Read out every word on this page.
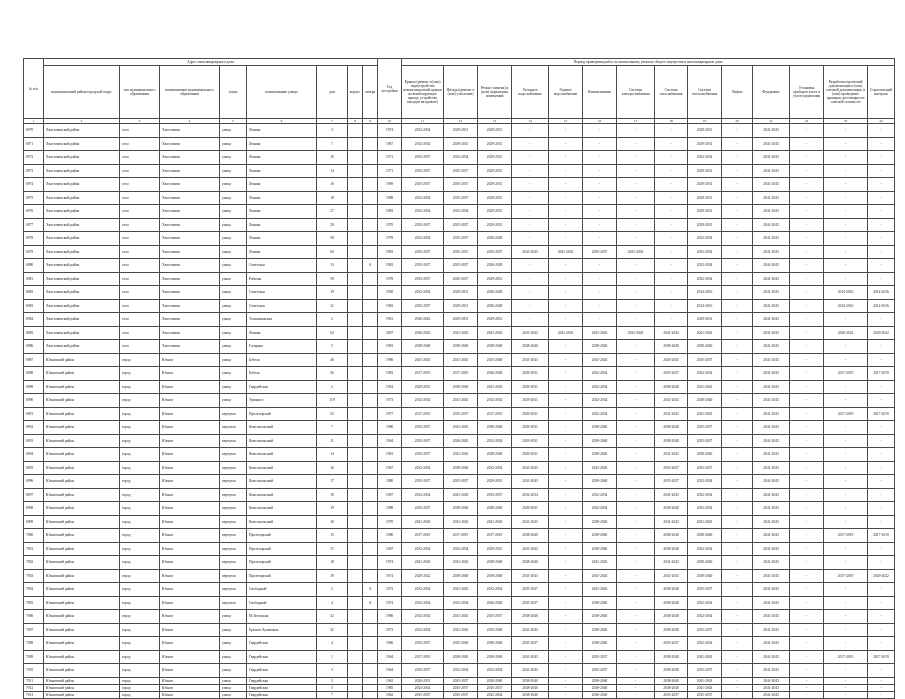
№ п/п	Адрес многоквартирного дома								Год постройки	Период проведения работ по капитальному ремонту общего имущества в многоквартирном доме													
	муниципальный район/городской округ	тип муниципального образования	наименование муниципального образования	улица	наименование улицы	дом	корпус	литера		Крыша (ремонт и (или) переустройство невентилируемой крыши на вентилируемую крышу, устройство выходов на кровлю)	Фасады (ремонт и (или) утепление)	Ремонт (замена) и (или) подвальных помещений	Холодное водоснабжение	Горячее водоснабжение	Канализование	Система электроснабжения	Система газоснабжения	Система теплоснабжения	Лифты	Фундамент	Установка приборов учета и узлов управления	Разработка проектной документации и (или) сметной документации, и (или) проведение проверки достоверности сметной стоимости	Строительный контроль
1	2	3	4	5	6	7	8	9	10	11	12	13	14	15	16	17	18	19	20	21	22	23	24
6970	Хвастовичский район	село	Хвастовичи	улица	Ленина	3			1974	2032-2034	2029-2031	2029-2031	-	-	-	-	-	2029-2031	-	2041-2043	-	-	-
6971	Хвастовичский район	село	Хвастовичи	улица	Ленина	7			1967	2032-2034	2029-2031	2029-2031	-	-	-	-	-	2029-2031	-	2041-2043	-	-	-
6972	Хвастовичский район	село	Хвастовичи	улица	Ленина	10			1971	2035-2037	2032-2034	2029-2031	-	-	-	-	-	2032-2034	-	2041-2043	-	-	-
6973	Хвастовичский район	село	Хвастовичи	улица	Ленина	14			1971	2035-2037	2035-2037	2029-2031	-	-	-	-	-	2029-2031	-	2041-2043	-	-	-
6974	Хвастовичский район	село	Хвастовичи	улица	Ленина	16			1969	2035-2037	2035-2037	2029-2031	-	-	-	-	-	2029-2031	-	2041-2043	-	-	-
6975	Хвастовичский район	село	Хвастовичи	улица	Ленина	18			1988	2032-2034	2035-2037	2029-2031	-	-	-	-	-	2029-2031	-	2041-2043	-	-	-
6976	Хвастовичский район	село	Хвастовичи	улица	Ленина	27			1983	2032-2034	2032-2034	2029-2031	-	-	-	-	-	2029-2031	-	2041-2043	-	-	-
6977	Хвастовичский район	село	Хвастовичи	улица	Ленина	29			1970	2035-2037	2035-2037	2029-2031	-	-	-	-	-	2029-2031	-	2041-2043	-	-	-
6978	Хвастовичский район	село	Хвастовичи	улица	Ленина	58			1978	2032-2034	2035-2037	2026-2028	-	-	-	-	-	2032-2034	-	2041-2043	-	-	-
6979	Хвастовичский район	село	Хвастовичи	улица	Ленина	60			1993	2035-2037	2035-2037	2035-2037	2041-2043	2041-2043	2035-2037	2041-2043	-	2032-2034	-	2041-2043	-	-	-
6980	Хвастовичский район	село	Хвастовичи	улица	Советская	13		А	1982	2035-2037	2035-2037	2026-2028	-	-	-	-	-	2032-2034	-	2041-2043	-	-	-
6981	Хвастовичский район	село	Хвастовичи	улица	Рабочая	59			1978	2035-2037	2035-2037	2029-2031	-	-	-	-	-	2032-2034	-	2041-2043	-	-	-
6982	Хвастовичский район	село	Хвастовичи	улица	Советская	19			1950	2032-2034	2029-2031	2026-2028	-	-	-	-	-	2014-2016	-	2041-2043	-	2014-2016	2014-2016
6983	Хвастовичский район	село	Хвастовичи	улица	Советская	21			1982	2035-2037	2029-2031	2026-2028	-	-	-	-	-	2014-2016	-	2041-2043	-	2014-2016	2014-2016
6984	Хвастовичский район	село	Хвастовичи	улица	Тельмановская	2			1961	2020-2022	2029-2031	2029-2031	-	-	-	-	-	2029-2031	-	2041-2043	-	-	-
6985	Хвастовичский район	село	Хвастовичи	улица	Ленина	62			2007	2020-2022	2041-2043	2041-2043	2041-2043	2041-2043	2041-2043	2041-2043	2041-2043	2041-2043	-	2041-2043	-	2020-2022	2020-2022
6986	Хвастовичский район	село	Хвастовичи	улица	Гагарина	5			1993	2038-2040	2038-2040	2038-2040	2038-2040	-	2038-2040	-	2038-2040	2038-2040	-	2041-2043	-	-	-
6987	Юхновский район	город	Юхнов	улица	Бебеля	40			1986	2041-2043	2041-2043	2035-2040	2041-2043	-	2041-2043	-	2026-2045	2035-2037	-	2041-2043	-	-	-
6988	Юхновский район	город	Юхнов	улица	Бебеля	56			1983	2017-2019	2017-2019	2026-2028	2029-2031	-	2032-2034	-	2035-2037	2032-2034	-	2041-2043	-	2017-2019	2017-2019
6989	Юхновский район	город	Юхнов	улица	Гвардейская	2			1954	2029-2031	2038-2040	2041-2043	2029-2031	-	2032-2034	-	2038-2040	2041-2043	-	2041-2043	-	-	-
6990	Юхновский район	город	Юхнов	улица	Урицкого	119			1973	2032-2034	2041-2043	2032-2034	2029-2031	-	2032-2034	-	2041-2043	2038-2040	-	2041-2043	-	-	-
6991	Юхновский район	город	Юхнов	переулок	Пролетарский	23			1977	2017-2019	2035-2037	2017-2019	2029-2031	-	2032-2034	-	2041-2043	2041-2043	-	2041-2043	-	2017-2019	2017-2019
6992	Юхновский район	город	Юхнов	переулок	Комсомольский	7			1980	2035-2037	2041-2043	2038-2040	2029-2031	-	2038-2040	-	2038-2040	2035-2037	-	2041-2043	-	-	-
6993	Юхновский район	город	Юхнов	переулок	Комсомольский	11			1964	2035-2037	2026-2043	2032-2034	2029-2031	-	2038-2040	-	2038-2040	2035-2037	-	2041-2043	-	-	-
6994	Юхновский район	город	Юхнов	переулок	Комсомольский	14			1981	2035-2037	2041-2043	2038-2040	2029-2031	-	2038-2040	-	2041-2043	2038-2040	-	2041-2043	-	-	-
6995	Юхновский район	город	Юхнов	переулок	Комсомольский	16			1967	2032-2034	2038-2040	2032-2034	2041-2043	-	2041-2043	-	2035-2037	2035-2037	-	2041-2043	-	-	-
6996	Юхновский район	город	Юхнов	переулок	Комсомольский	17			1980	2035-2037	2035-2037	2029-2031	2041-2043	-	2038-2040	-	2035-2037	2032-2034	-	2041-2043	-	-	-
6997	Юхновский район	город	Юхнов	переулок	Комсомольский	18			1967	2032-2034	2041-2043	2035-2037	2032-2034	-	2032-2034	-	2041-2043	2032-2034	-	2041-2043	-	-	-
6998	Юхновский район	город	Юхнов	переулок	Комсомольский	19			1988	2035-2037	2038-2040	2038-2040	2029-2031	-	2032-2034	-	2038-2040	2032-2034	-	2041-2043	-	-	-
6999	Юхновский район	город	Юхнов	переулок	Комсомольский	20			1970	2041-2043	2041-2043	2041-2043	2041-2043	-	2038-2040	-	2041-2043	2041-2043	-	2041-2043	-	-	-
7000	Юхновский район	город	Юхнов	переулок	Пролетарский	15			1980	2017-2019	2017-2019	2017-2019	2038-2040	-	2038-2040	-	2038-2040	2038-2040	-	2041-2043	-	2017-2019	2017-2019
7001	Юхновский район	город	Юхнов	переулок	Пролетарский	17			1967	2032-2034	2032-2034	2029-2031	2041-2043	-	2038-2040	-	2038-2040	2032-2034	-	2041-2043	-	-	-
7002	Юхновский район	город	Юхнов	переулок	Пролетарский	18			1974	2041-2043	2041-2043	2038-2040	2038-2040	-	2041-2043	-	2041-2043	2038-2040	-	2041-2043	-	-	-
7003	Юхновский район	город	Юхнов	переулок	Пролетарский	19			1974	2020-2022	2038-2040	2038-2040	2041-2043	-	2041-2043	-	2041-2043	2038-2040	-	2041-2043	-	2017-2019	2020-2022
7004	Юхновский район	город	Юхнов	переулок	Свободный	2		А	1973	2032-2034	2041-2043	2032-2034	2035-2037	-	2041-2043	-	2038-2040	2035-2037	-	2041-2043	-	-	-
7005	Юхновский район	город	Юхнов	переулок	Свободный	4		А	1974	2032-2034	2032-2034	2026-2028	2035-2037	-	2038-2040	-	2038-2040	2032-2034	-	2041-2043	-	-	-
7006	Юхновский район	город	Юхнов	улица	М.Зеленская	32			1986	2032-2034	2041-2043	2035-2037	2038-2040	-	2038-2040	-	2038-2040	2032-2034	-	2041-2043	-	-	-
7007	Юхновский район	город	Юхнов	улица	Братьев Луначевых	32			1973	2032-2034	2041-2043	2035-2040	2041-2043	-	2038-2040	-	2038-2040	2035-2037	-	2041-2043	-	-	-
7008	Юхновский район	город	Юхнов	улица	Гвардейская	4			1966	2035-2037	2035-2040	2038-2040	2035-2037	-	2038-2040	-	2035-2037	2032-2034	-	2041-2043	-	-	-
7009	Юхновский район	город	Юхнов	улица	Гвардейская	1			1964	2017-2019	2038-2040	2038-2040	2041-2043	-	2035-2037	-	2038-2040	2041-2043	-	2041-2043	-	2017-2019	2017-2019
7010	Юхновский район	город	Юхнов	улица	Гвардейская	3			1964	2035-2037	2032-2034	2032-2034	2041-2043	-	2035-2037	-	2038-2040	2035-2037	-	2041-2043	-	-	-
7011	Юхновский район	город	Юхнов	улица	Гвардейская	3			1962	2020-2031	2035-2037	2038-2040	2038-2040	-	2038-2040	-	2038-2040	2041-2043	-	2041-2043	-	-	-
7012	Юхновский район	город	Юхнов	улица	Гвардейская	5			1985	2032-2034	2035-2037	2035-2037	2038-2040	-	2038-2040	-	2038-2040	2041-2043	-	2041-2043	-	-	-
7013	Юхновский район	город	Юхнов	улица	Гвардейская	7			1962	2035-2037	2035-2037	2032-2034	2038-2040	-	2038-2040	-	2035-2037	2035-2037	-	2041-2043	-	-	-
